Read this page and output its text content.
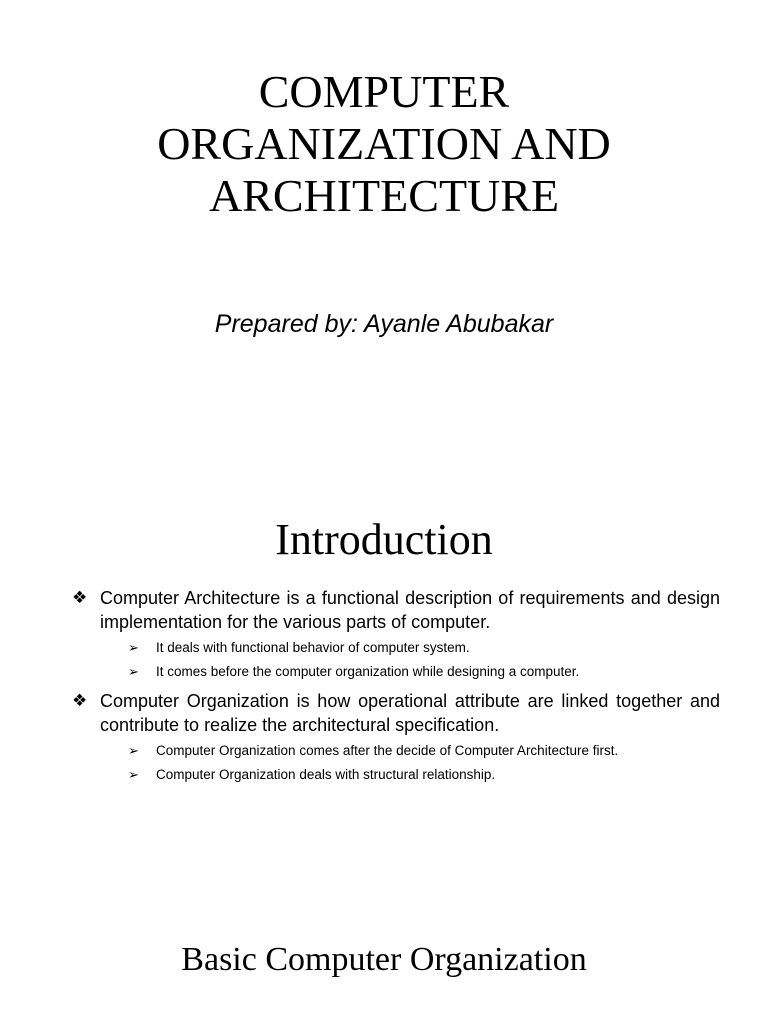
COMPUTER
ORGANIZATION AND
ARCHITECTURE
Prepared by: Ayanle Abubakar
Introduction
❖ Computer Architecture is a functional description of requirements and design implementation for the various parts of computer.
➢ It deals with functional behavior of computer system.
➢ It comes before the computer organization while designing a computer.
❖ Computer Organization is how operational attribute are linked together and contribute to realize the architectural specification.
➢ Computer Organization comes after the decide of Computer Architecture first.
➢ Computer Organization deals with structural relationship.
Basic Computer Organization
